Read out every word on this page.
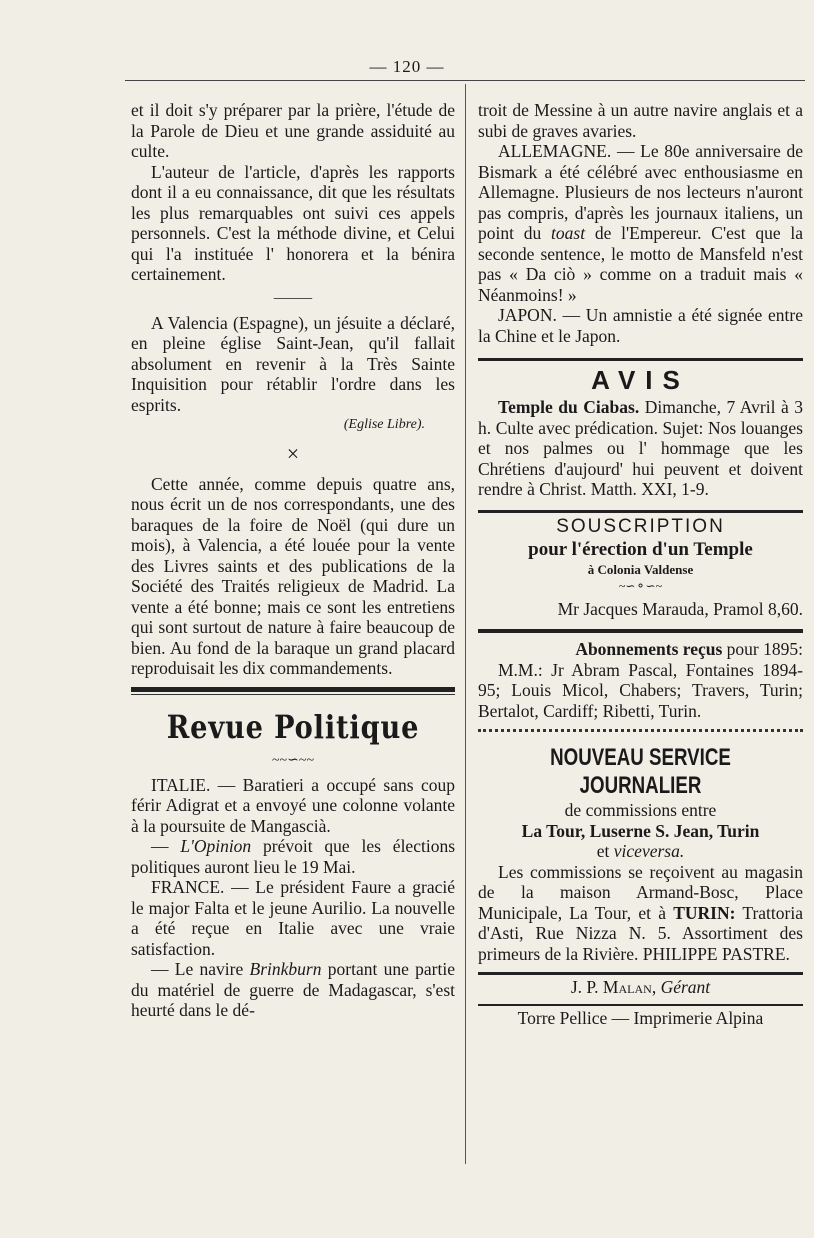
— 120 —

et il doit s'y préparer par la prière, l'étude de la Parole de Dieu et une grande assiduité au culte.

L'auteur de l'article, d'après les rapports dont il a eu connaissance, dit que les résultats les plus remarquables ont suivi ces appels personnels. C'est la méthode divine, et Celui qui l'a instituée l' honorera et la bénira certainement.

⸻

A Valencia (Espagne), un jésuite a déclaré, en pleine église Saint-Jean, qu'il fallait absolument en revenir à la Très Sainte Inquisition pour rétablir l'ordre dans les esprits.

(Eglise Libre).

×

Cette année, comme depuis quatre ans, nous écrit un de nos correspondants, une des baraques de la foire de Noël (qui dure un mois), à Valencia, a été louée pour la vente des Livres saints et des publications de la Société des Traités religieux de Madrid. La vente a été bonne; mais ce sont les entretiens qui sont surtout de nature à faire beaucoup de bien. Au fond de la baraque un grand placard reproduisait les dix commandements.

Revue Politique
~~∽~~

ITALIE. — Baratieri a occupé sans coup férir Adigrat et a envoyé une colonne volante à la poursuite de Mangascià.

— L'Opinion prévoit que les élections politiques auront lieu le 19 Mai.

FRANCE. — Le président Faure a gracié le major Falta et le jeune Aurilio. La nouvelle a été reçue en Italie avec une vraie satisfaction.

— Le navire Brinkburn portant une partie du matériel de guerre de Madagascar, s'est heurté dans le dé-

troit de Messine à un autre navire anglais et a subi de graves avaries.

ALLEMAGNE. — Le 80e anniversaire de Bismark a été célébré avec enthousiasme en Allemagne. Plusieurs de nos lecteurs n'auront pas compris, d'après les journaux italiens, un point du toast de l'Empereur. C'est que la seconde sentence, le motto de Mansfeld n'est pas « Da ciò » comme on a traduit mais « Néanmoins! »

JAPON. — Un amnistie a été signée entre la Chine et le Japon.

AVIS

Temple du Ciabas. Dimanche, 7 Avril à 3 h. Culte avec prédication. Sujet: Nos louanges et nos palmes ou l' hommage que les Chrétiens d'aujourd' hui peuvent et doivent rendre à Christ. Matth. XXI, 1-9.

SOUSCRIPTION
pour l'érection d'un Temple
à Colonia Valdense
~∽⚬∽~

Mr Jacques Marauda, Pramol 8,60.

Abonnements reçus pour 1895:

M.M.: Jr Abram Pascal, Fontaines 1894-95; Louis Micol, Chabers; Travers, Turin; Bertalot, Cardiff; Ribetti, Turin.

NOUVEAU SERVICE JOURNALIER
de commissions entre
La Tour, Luserne S. Jean, Turin
et viceversa.

Les commissions se reçoivent au magasin de la maison Armand-Bosc, Place Municipale, La Tour, et à TURIN: Trattoria d'Asti, Rue Nizza N. 5. Assortiment des primeurs de la Rivière. PHILIPPE PASTRE.

J. P. Malan, Gérant

Torre Pellice — Imprimerie Alpina
